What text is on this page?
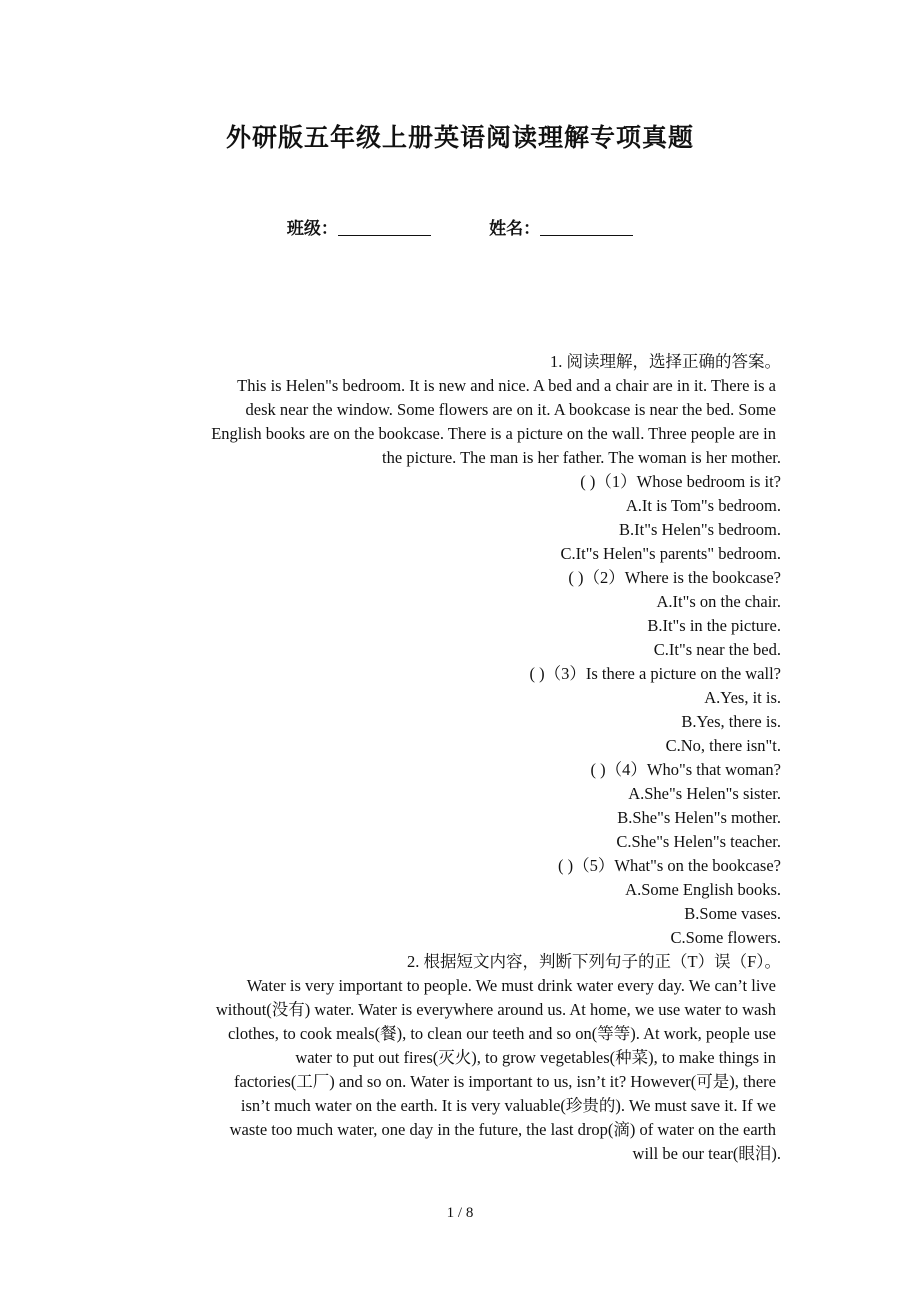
外研版五年级上册英语阅读理解专项真题
班级：	姓名：
1. 阅读理解，选择正确的答案。
This is Helen"s bedroom. It is new and nice. A bed and a chair are in it. There is a
desk near the window. Some flowers are on it. A bookcase is near the bed. Some
English books are on the bookcase. There is a picture on the wall. Three people are in
the picture. The man is her father. The woman is her mother.
( )（1）Whose bedroom is it?
A.It is Tom"s bedroom.
B.It"s Helen"s bedroom.
C.It"s Helen"s parents" bedroom.
( )（2）Where is the bookcase?
A.It"s on the chair.
B.It"s in the picture.
C.It"s near the bed.
( )（3）Is there a picture on the wall?
A.Yes, it is.
B.Yes, there is.
C.No, there isn"t.
( )（4）Who"s that woman?
A.She"s Helen"s sister.
B.She"s Helen"s mother.
C.She"s Helen"s teacher.
( )（5）What"s on the bookcase?
A.Some English books.
B.Some vases.
C.Some flowers.
2. 根据短文内容，判断下列句子的正（T）误（F）。
Water is very important to people. We must drink water every day. We can’t live
without(没有) water. Water is everywhere around us. At home, we use water to wash
clothes, to cook meals(餐), to clean our teeth and so on(等等). At work, people use
water to put out fires(灭火), to grow vegetables(种菜), to make things in
factories(工厂) and so on. Water is important to us, isn’t it? However(可是), there
isn’t much water on the earth. It is very valuable(珍贵的). We must save it. If we
waste too much water, one day in the future, the last drop(滴) of water on the earth
will be our tear(眼泪).
1 / 8
